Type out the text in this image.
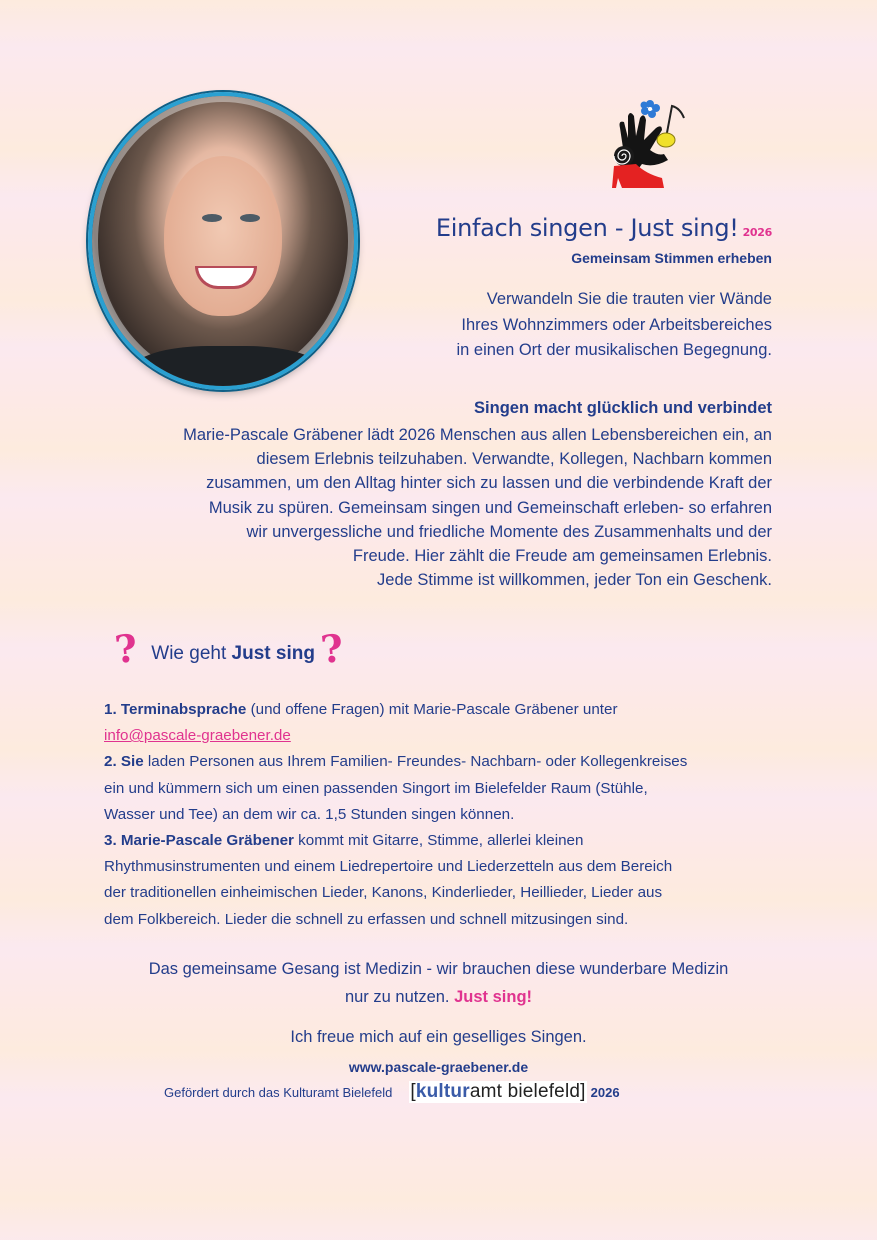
Einfach singen - Just sing! 2026
Gemeinsam Stimmen erheben
Verwandeln Sie die trauten vier Wände
Ihres Wohnzimmers oder Arbeitsbereiches
in einen Ort der musikalischen Begegnung.
Singen macht glücklich und verbindet
Marie-Pascale Gräbener lädt 2026 Menschen aus allen Lebensbereichen ein, an
diesem Erlebnis teilzuhaben. Verwandte, Kollegen, Nachbarn kommen
zusammen, um den Alltag hinter sich zu lassen und die verbindende Kraft der
Musik zu spüren. Gemeinsam singen und Gemeinschaft erleben- so erfahren
wir unvergessliche und friedliche Momente des Zusammenhalts und der
Freude. Hier zählt die Freude am gemeinsamen Erlebnis.
Jede Stimme ist willkommen, jeder Ton ein Geschenk.
? Wie geht Just sing ?
1. Terminabsprache (und offene Fragen) mit Marie-Pascale Gräbener unter
info@pascale-graebener.de
2. Sie laden Personen aus Ihrem Familien- Freundes- Nachbarn- oder Kollegenkreises
ein und kümmern sich um einen passenden Singort im Bielefelder Raum (Stühle,
Wasser und Tee) an dem wir ca. 1,5 Stunden singen können.
3. Marie-Pascale Gräbener kommt mit Gitarre, Stimme, allerlei kleinen
Rhythmusinstrumenten und einem Liedrepertoire und Liederzetteln aus dem Bereich
der traditionellen einheimischen Lieder, Kanons, Kinderlieder, Heillieder, Lieder aus
dem Folkbereich. Lieder die schnell zu erfassen und schnell mitzusingen sind.
Das gemeinsame Gesang ist Medizin - wir brauchen diese wunderbare Medizin
nur zu nutzen. Just sing!
Ich freue mich auf ein geselliges Singen.
www.pascale-graebener.de
Gefördert durch das Kulturamt Bielefeld [kulturamt bielefeld] 2026
